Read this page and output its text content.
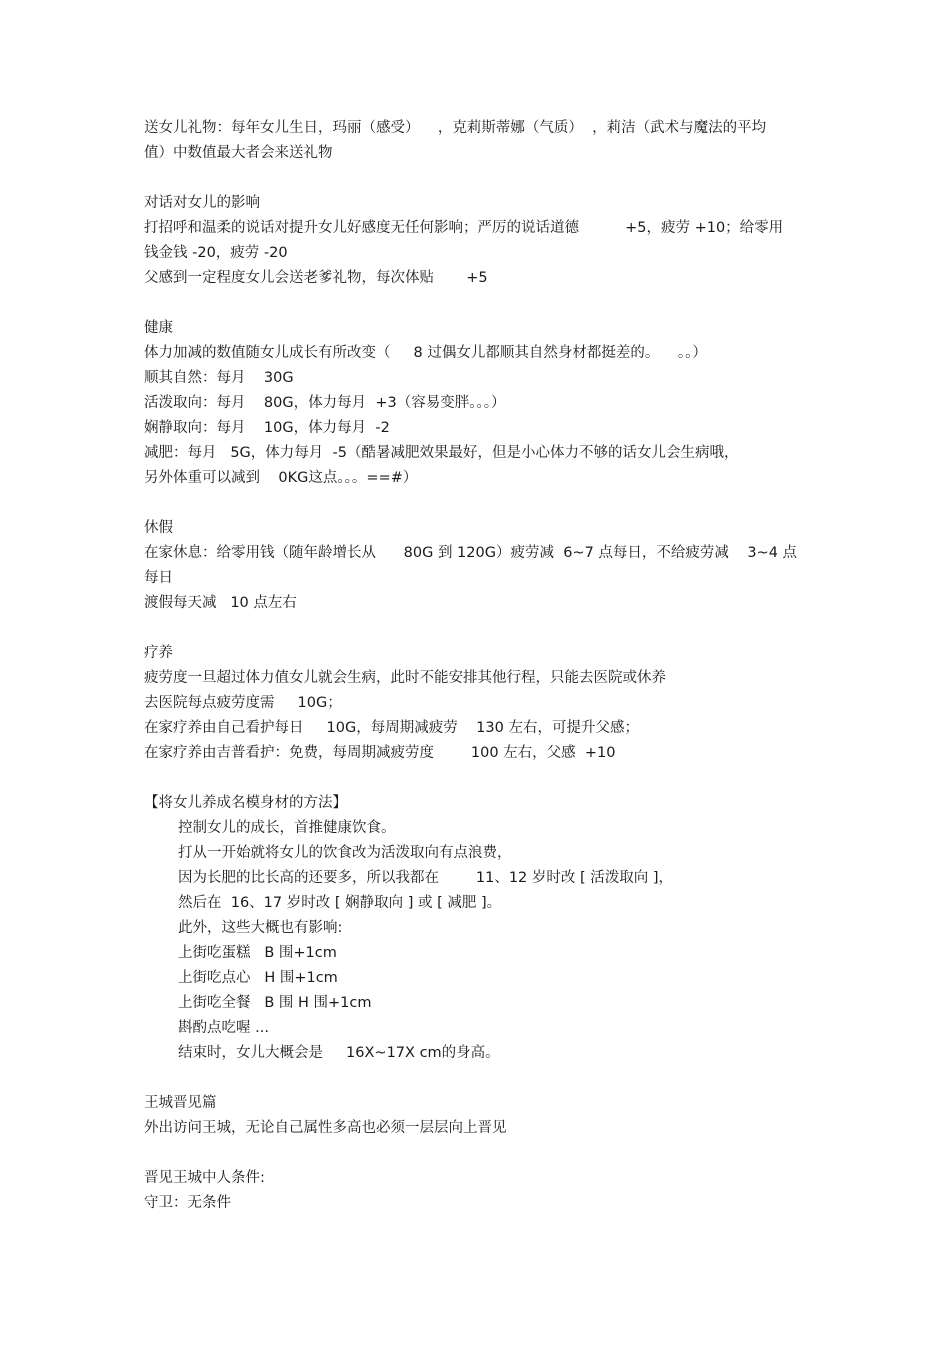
送女儿礼物：每年女儿生日，玛丽（感受）    ，克莉斯蒂娜（气质）  ，莉洁（武术与魔法的平均
值）中数值最大者会来送礼物
对话对女儿的影响
打招呼和温柔的说话对提升女儿好感度无任何影响；严厉的说话道德          +5，疲劳 +10；给零用
钱金钱 -20，疲劳 -20
父感到一定程度女儿会送老爹礼物，每次体贴       +5
健康
体力加减的数值随女儿成长有所改变（     8 过偶女儿都顺其自然身材都挺差的。    。。）
顺其自然：每月    30G
活泼取向：每月    80G，体力每月  +3（容易变胖。。。）
娴静取向：每月    10G，体力每月  -2
减肥：每月   5G，体力每月  -5（酷暑减肥效果最好，但是小心体力不够的话女儿会生病哦，
另外体重可以减到    0KG这点。。。==#）
休假
在家休息：给零用钱（随年龄增长从      80G 到 120G）疲劳减  6~7 点每日，不给疲劳减    3~4 点
每日
渡假每天减   10 点左右
疗养
疲劳度一旦超过体力值女儿就会生病，此时不能安排其他行程，只能去医院或休养
去医院每点疲劳度需     10G；
在家疗养由自己看护每日     10G，每周期减疲劳    130 左右，可提升父感；
在家疗养由吉普看护：免费，每周期减疲劳度        100 左右，父感  +10
【将女儿养成名模身材的方法】
控制女儿的成长，首推健康饮食。
打从一开始就将女儿的饮食改为活泼取向有点浪费，
因为长肥的比长高的还要多，所以我都在        11、12 岁时改 [ 活泼取向 ]，
然后在  16、17 岁时改 [ 娴静取向 ] 或 [ 减肥 ]。
此外，这些大概也有影响:
上街吃蛋糕   B 围+1cm
上街吃点心   H 围+1cm
上街吃全餐   B 围 H 围+1cm
斟酌点吃喔 ...
结束时，女儿大概会是     16X~17X cm的身高。
王城晋见篇
外出访问王城，无论自己属性多高也必须一层层向上晋见
晋见王城中人条件:
守卫：无条件
